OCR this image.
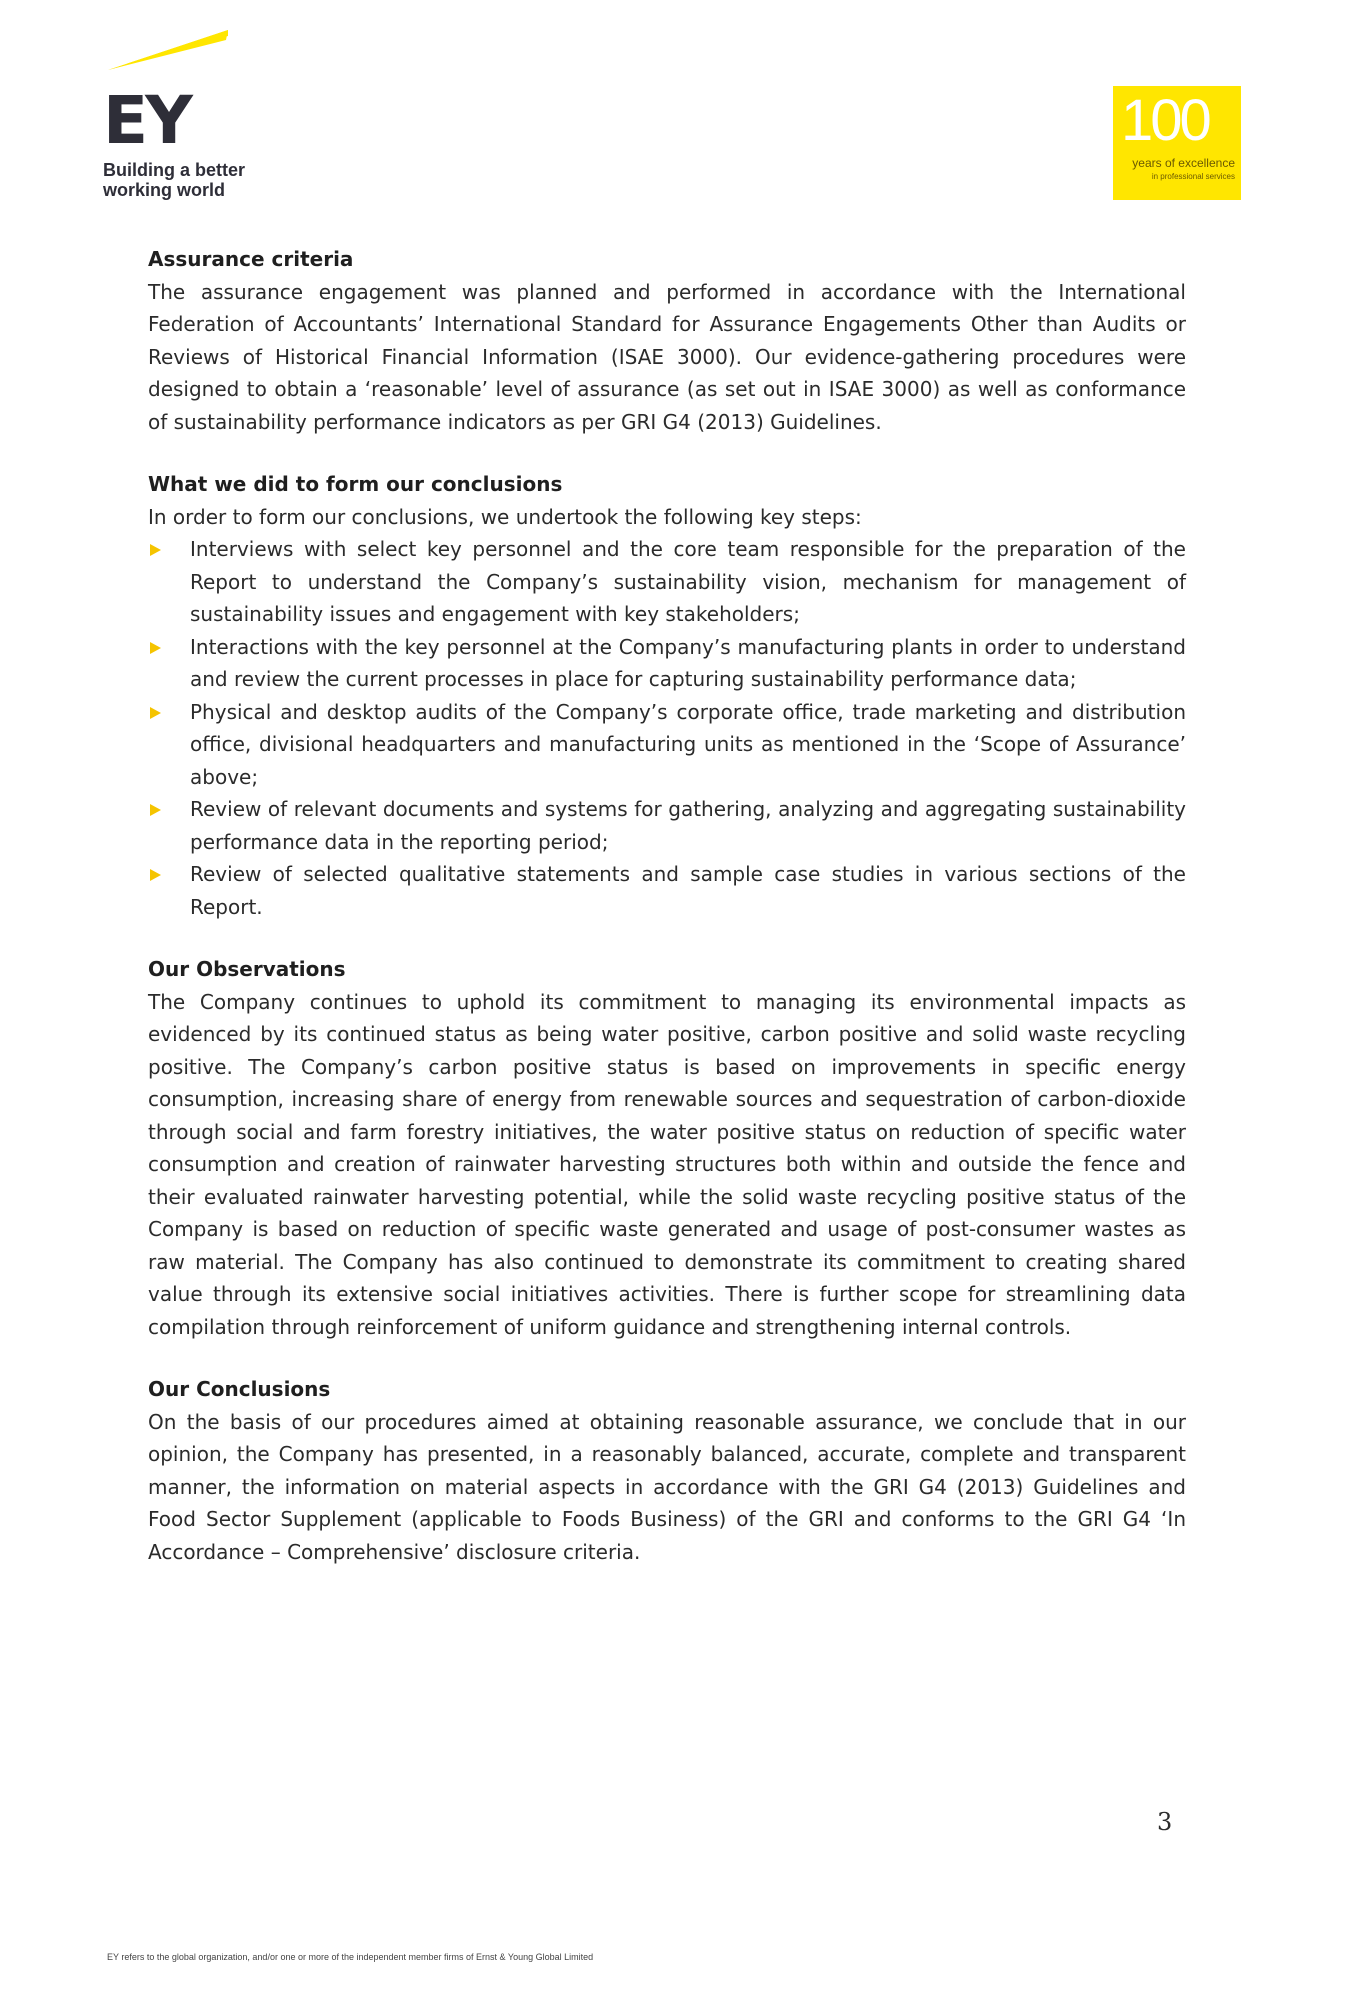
EY
Building a better
working world
100
years of excellence
in professional services
Assurance criteria

The assurance engagement was planned and performed in accordance with the International Federation of Accountants’ International Standard for Assurance Engagements Other than Audits or Reviews of Historical Financial Information (ISAE 3000). Our evidence-gathering procedures were designed to obtain a ‘reasonable’ level of assurance (as set out in ISAE 3000) as well as conformance of sustainability performance indicators as per GRI G4 (2013) Guidelines.

What we did to form our conclusions

In order to form our conclusions, we undertook the following key steps:

Interviews with select key personnel and the core team responsible for the preparation of the Report to understand the Company’s sustainability vision, mechanism for management of sustainability issues and engagement with key stakeholders;
Interactions with the key personnel at the Company’s manufacturing plants in order to understand and review the current processes in place for capturing sustainability performance data;
Physical and desktop audits of the Company’s corporate office, trade marketing and distribution office, divisional headquarters and manufacturing units as mentioned in the ‘Scope of Assurance’ above;
Review of relevant documents and systems for gathering, analyzing and aggregating sustainability performance data in the reporting period;
Review of selected qualitative statements and sample case studies in various sections of the Report.
Our Observations

The Company continues to uphold its commitment to managing its environmental impacts as evidenced by its continued status as being water positive, carbon positive and solid waste recycling positive. The Company’s carbon positive status is based on improvements in specific energy consumption, increasing share of energy from renewable sources and sequestration of carbon-dioxide through social and farm forestry initiatives, the water positive status on reduction of specific water consumption and creation of rainwater harvesting structures both within and outside the fence and their evaluated rainwater harvesting potential, while the solid waste recycling positive status of the Company is based on reduction of specific waste generated and usage of post-consumer wastes as raw material. The Company has also continued to demonstrate its commitment to creating shared value through its extensive social initiatives activities. There is further scope for streamlining data compilation through reinforcement of uniform guidance and strengthening internal controls.

Our Conclusions

On the basis of our procedures aimed at obtaining reasonable assurance, we conclude that in our opinion, the Company has presented, in a reasonably balanced, accurate, complete and transparent manner, the information on material aspects in accordance with the GRI G4 (2013) Guidelines and Food Sector Supplement (applicable to Foods Business) of the GRI and conforms to the GRI G4 ‘In Accordance – Comprehensive’ disclosure criteria.

3
EY refers to the global organization, and/or one or more of the independent member firms of Ernst & Young Global Limited
